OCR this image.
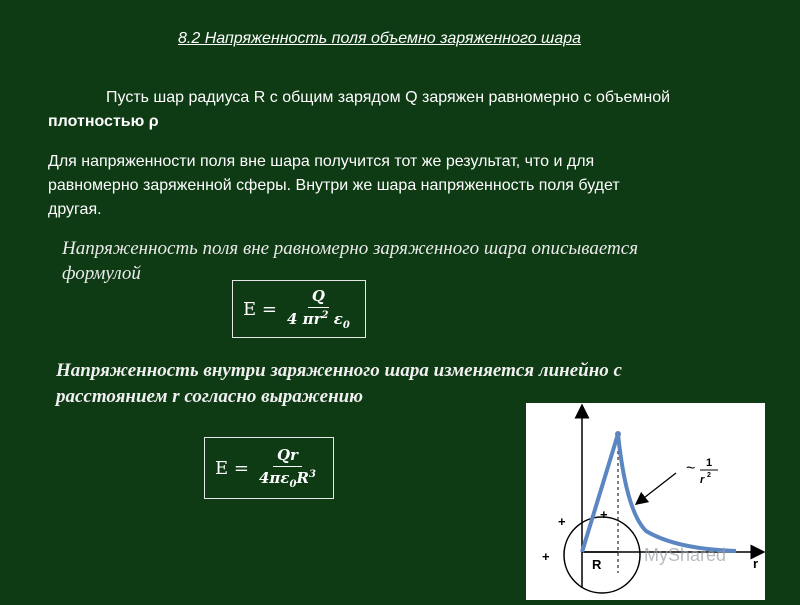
8.2 Напряженность поля объемно заряженного шара
Пусть шар радиуса R с общим зарядом Q заряжен равномерно с объемной
плотностью ρ
Для напряженности поля вне шара получится тот же результат, что и для
равномерно заряженной сферы. Внутри же шара напряженность поля будет
другая.
Напряженность поля вне равномерно заряженного шара описывается
формулой
$E = \frac{Q}{4 \pi r^2 \varepsilon_0}$
Напряженность внутри заряженного шара изменяется линейно с
расстоянием r согласно выражению
$E = \frac{Qr}{4\pi\varepsilon_0R^3}$
+	+
+
R	r
~ 1
r 2
MyShared
